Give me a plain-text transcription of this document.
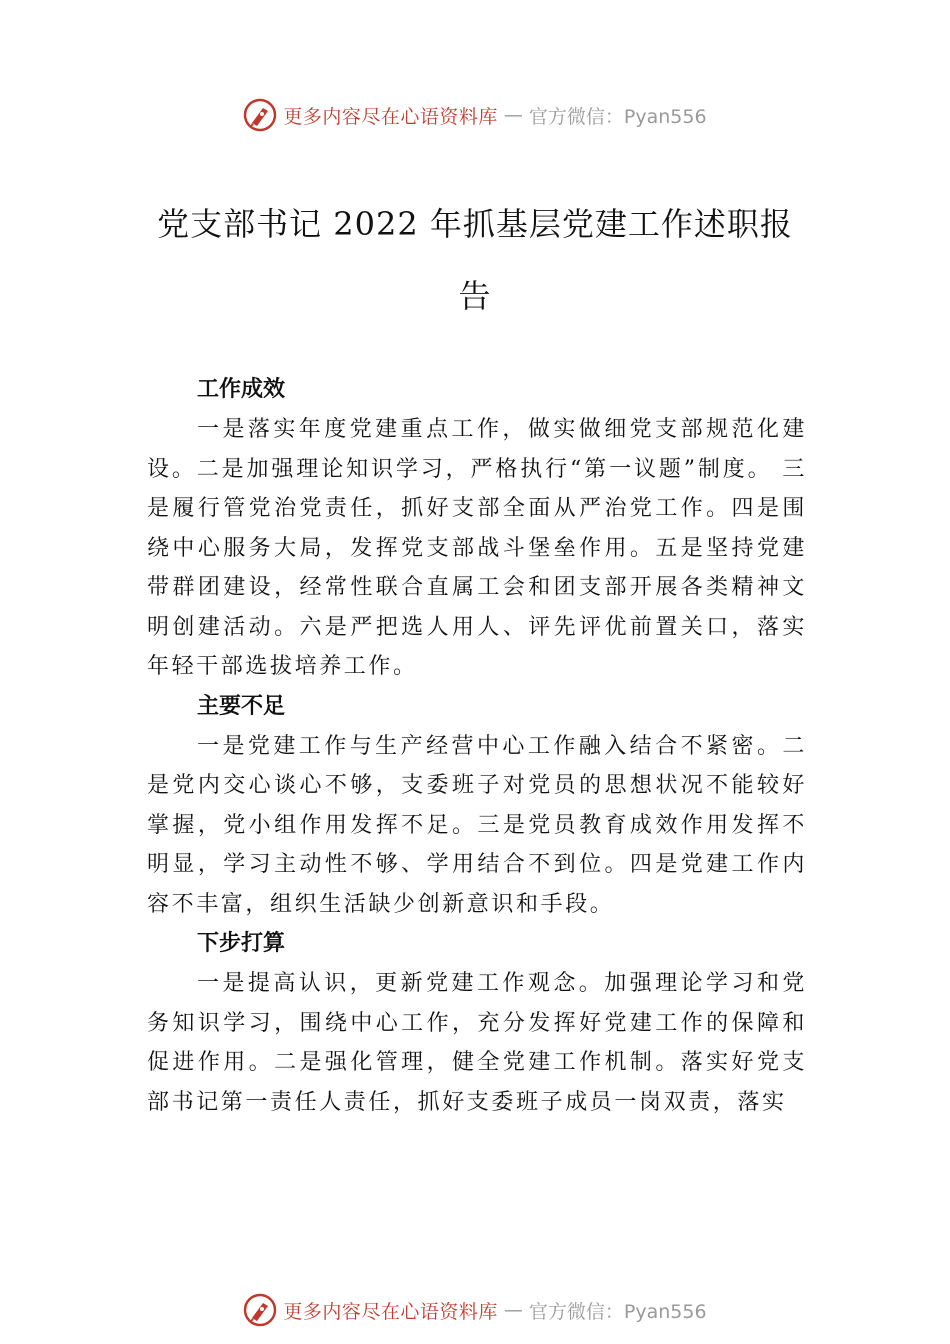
更多内容尽在心语资料库 — 官方微信：Pyan556
党支部书记 2022 年抓基层党建工作述职报告
工作成效

一是落实年度党建重点工作，做实做细党支部规范化建设。二是加强理论知识学习，严格执行“第一议题”制度。 三是履行管党治党责任，抓好支部全面从严治党工作。四是围绕中心服务大局，发挥党支部战斗堡垒作用。五是坚持党建带群团建设，经常性联合直属工会和团支部开展各类精神文明创建活动。六是严把选人用人、评先评优前置关口，落实年轻干部选拔培养工作。

主要不足

一是党建工作与生产经营中心工作融入结合不紧密。二是党内交心谈心不够，支委班子对党员的思想状况不能较好掌握，党小组作用发挥不足。三是党员教育成效作用发挥不明显，学习主动性不够、学用结合不到位。四是党建工作内容不丰富，组织生活缺少创新意识和手段。

下步打算

一是提高认识，更新党建工作观念。加强理论学习和党务知识学习，围绕中心工作，充分发挥好党建工作的保障和促进作用。二是强化管理，健全党建工作机制。落实好党支部书记第一责任人责任，抓好支委班子成员一岗双责，落实

更多内容尽在心语资料库 — 官方微信：Pyan556
